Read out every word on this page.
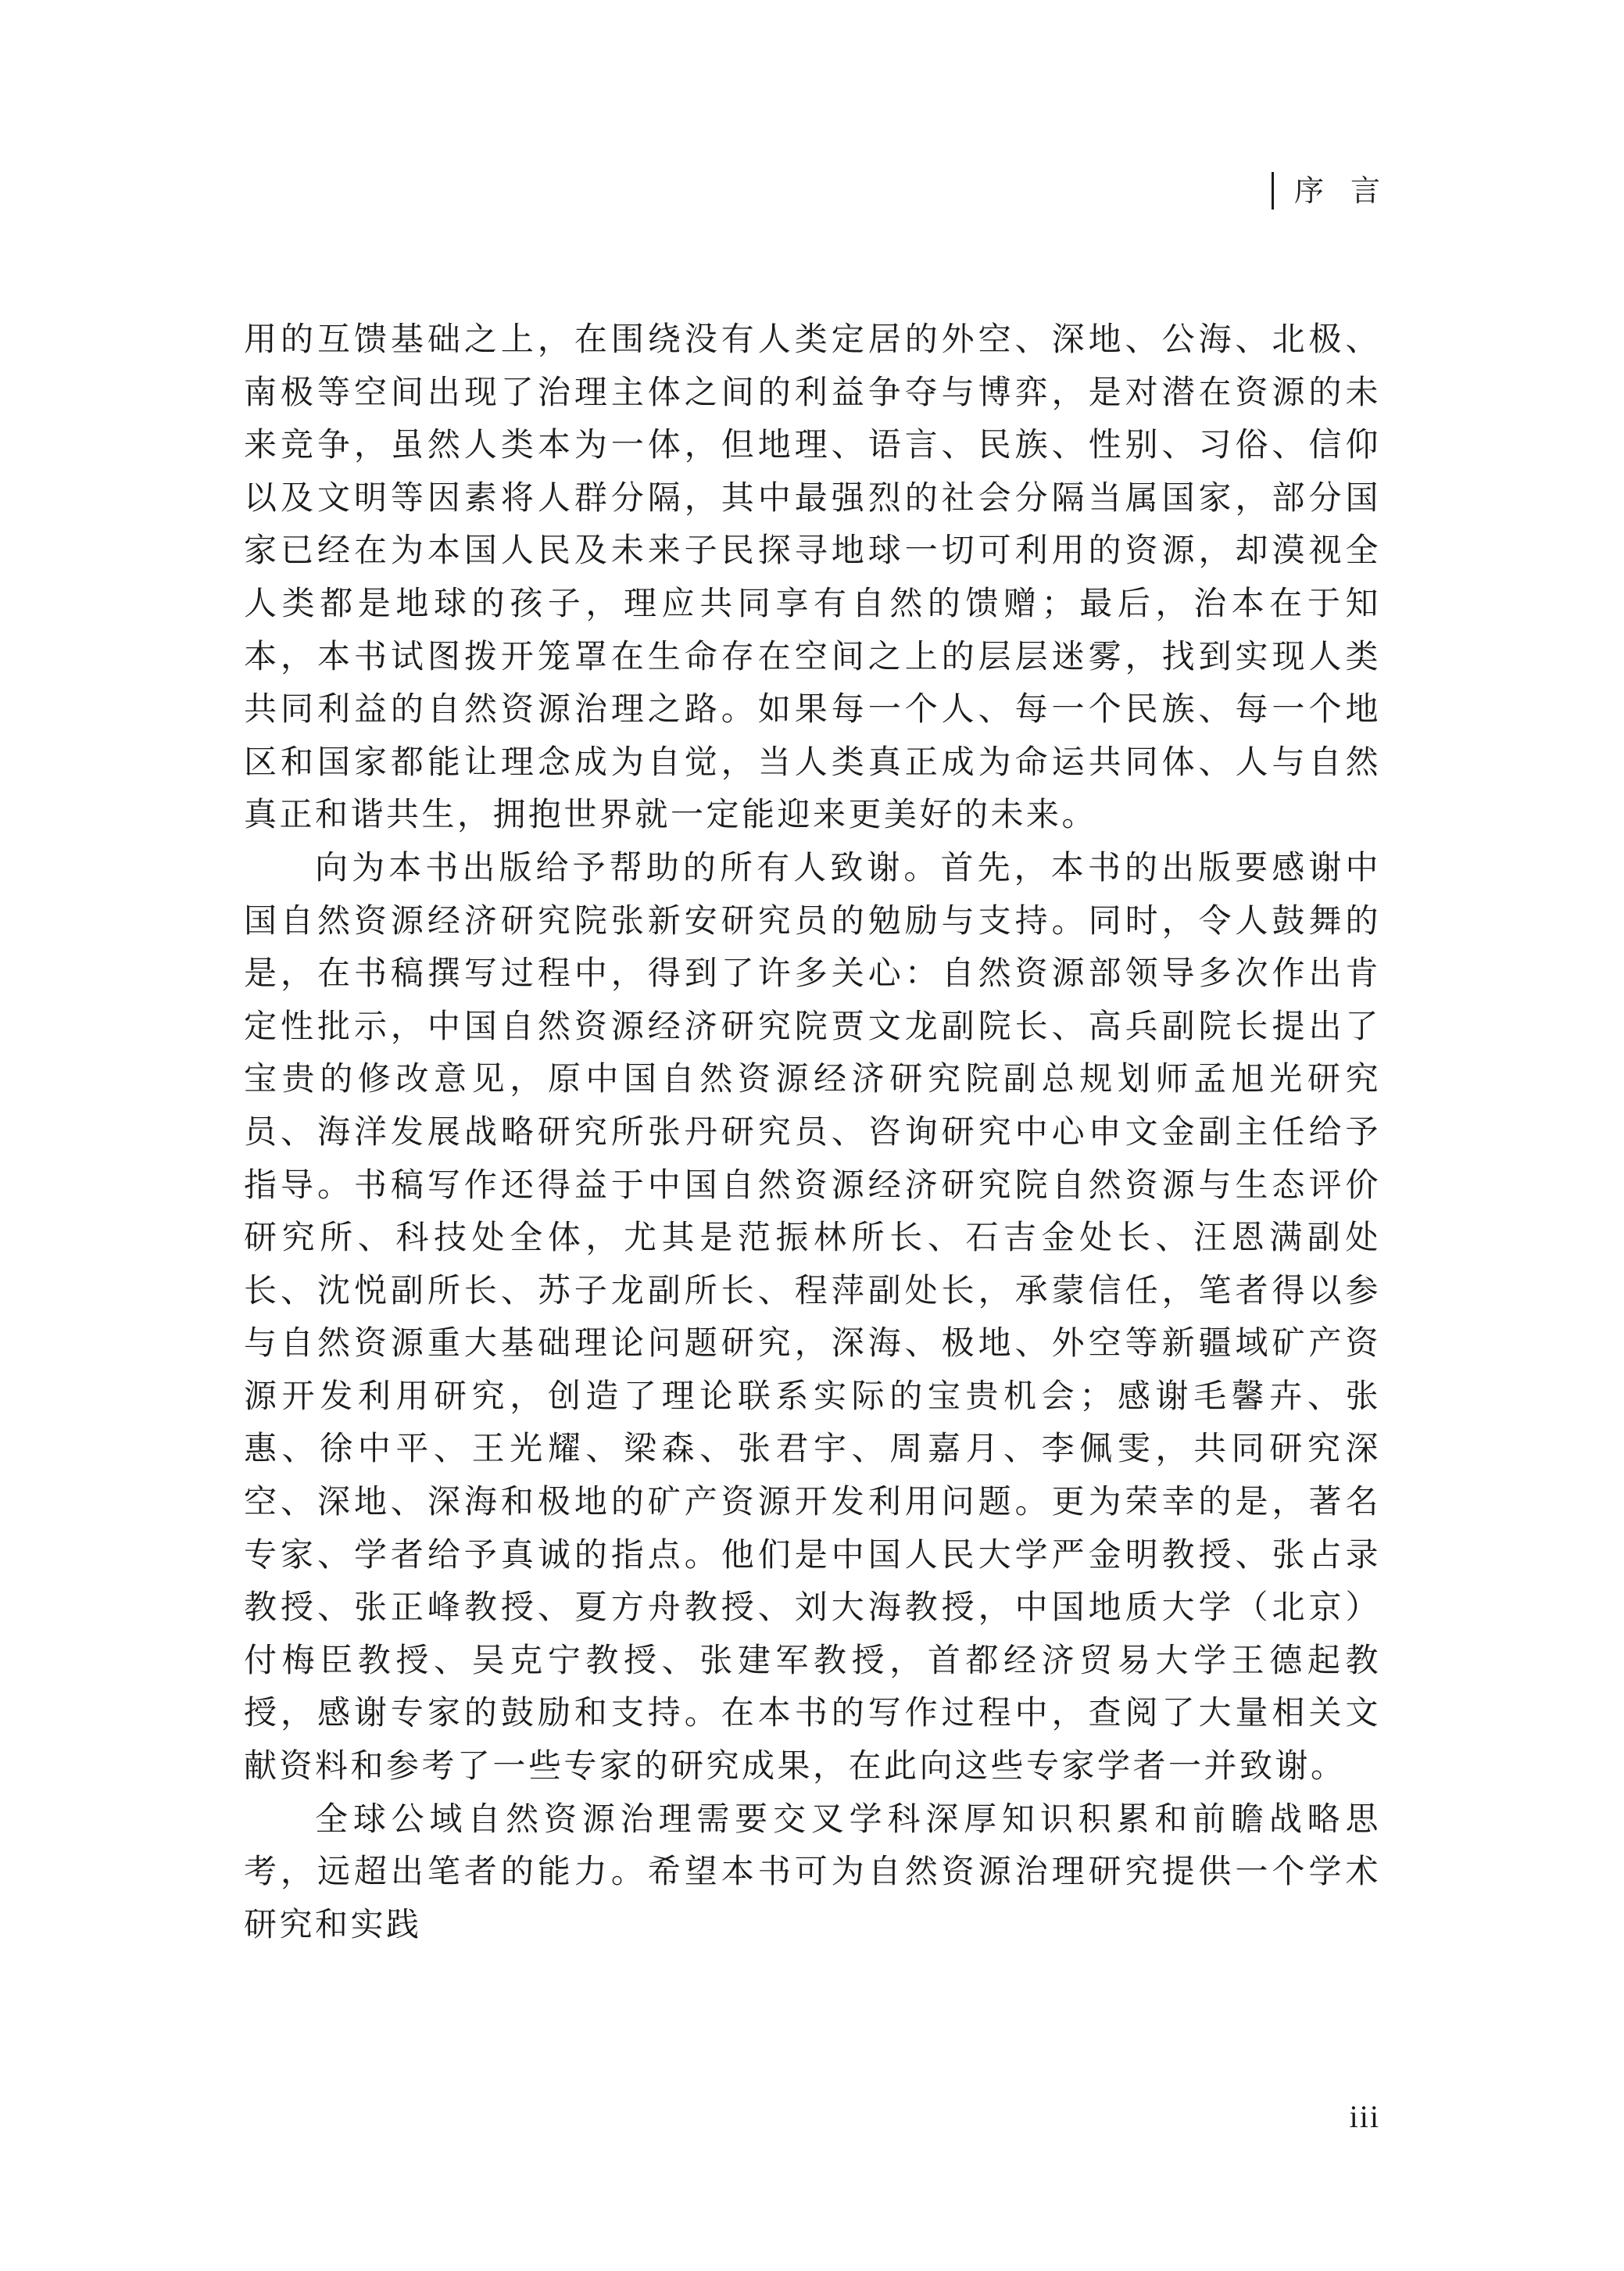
序言

用的互馈基础之上，在围绕没有人类定居的外空、深地、公海、北极、南极等空间出现了治理主体之间的利益争夺与博弈，是对潜在资源的未来竞争，虽然人类本为一体，但地理、语言、民族、性别、习俗、信仰以及文明等因素将人群分隔，其中最强烈的社会分隔当属国家，部分国家已经在为本国人民及未来子民探寻地球一切可利用的资源，却漠视全人类都是地球的孩子，理应共同享有自然的馈赠；最后，治本在于知本，本书试图拨开笼罩在生命存在空间之上的层层迷雾，找到实现人类共同利益的自然资源治理之路。如果每一个人、每一个民族、每一个地区和国家都能让理念成为自觉，当人类真正成为命运共同体、人与自然真正和谐共生，拥抱世界就一定能迎来更美好的未来。

向为本书出版给予帮助的所有人致谢。首先，本书的出版要感谢中国自然资源经济研究院张新安研究员的勉励与支持。同时，令人鼓舞的是，在书稿撰写过程中，得到了许多关心：自然资源部领导多次作出肯定性批示，中国自然资源经济研究院贾文龙副院长、高兵副院长提出了宝贵的修改意见，原中国自然资源经济研究院副总规划师孟旭光研究员、海洋发展战略研究所张丹研究员、咨询研究中心申文金副主任给予指导。书稿写作还得益于中国自然资源经济研究院自然资源与生态评价研究所、科技处全体，尤其是范振林所长、石吉金处长、汪恩满副处长、沈悦副所长、苏子龙副所长、程萍副处长，承蒙信任，笔者得以参与自然资源重大基础理论问题研究，深海、极地、外空等新疆域矿产资源开发利用研究，创造了理论联系实际的宝贵机会；感谢毛馨卉、张惠、徐中平、王光耀、梁森、张君宇、周嘉月、李佩雯，共同研究深空、深地、深海和极地的矿产资源开发利用问题。更为荣幸的是，著名专家、学者给予真诚的指点。他们是中国人民大学严金明教授、张占录教授、张正峰教授、夏方舟教授、刘大海教授，中国地质大学（北京）付梅臣教授、吴克宁教授、张建军教授，首都经济贸易大学王德起教授，感谢专家的鼓励和支持。在本书的写作过程中，查阅了大量相关文献资料和参考了一些专家的研究成果，在此向这些专家学者一并致谢。

全球公域自然资源治理需要交叉学科深厚知识积累和前瞻战略思考，远超出笔者的能力。希望本书可为自然资源治理研究提供一个学术研究和实践

iii
